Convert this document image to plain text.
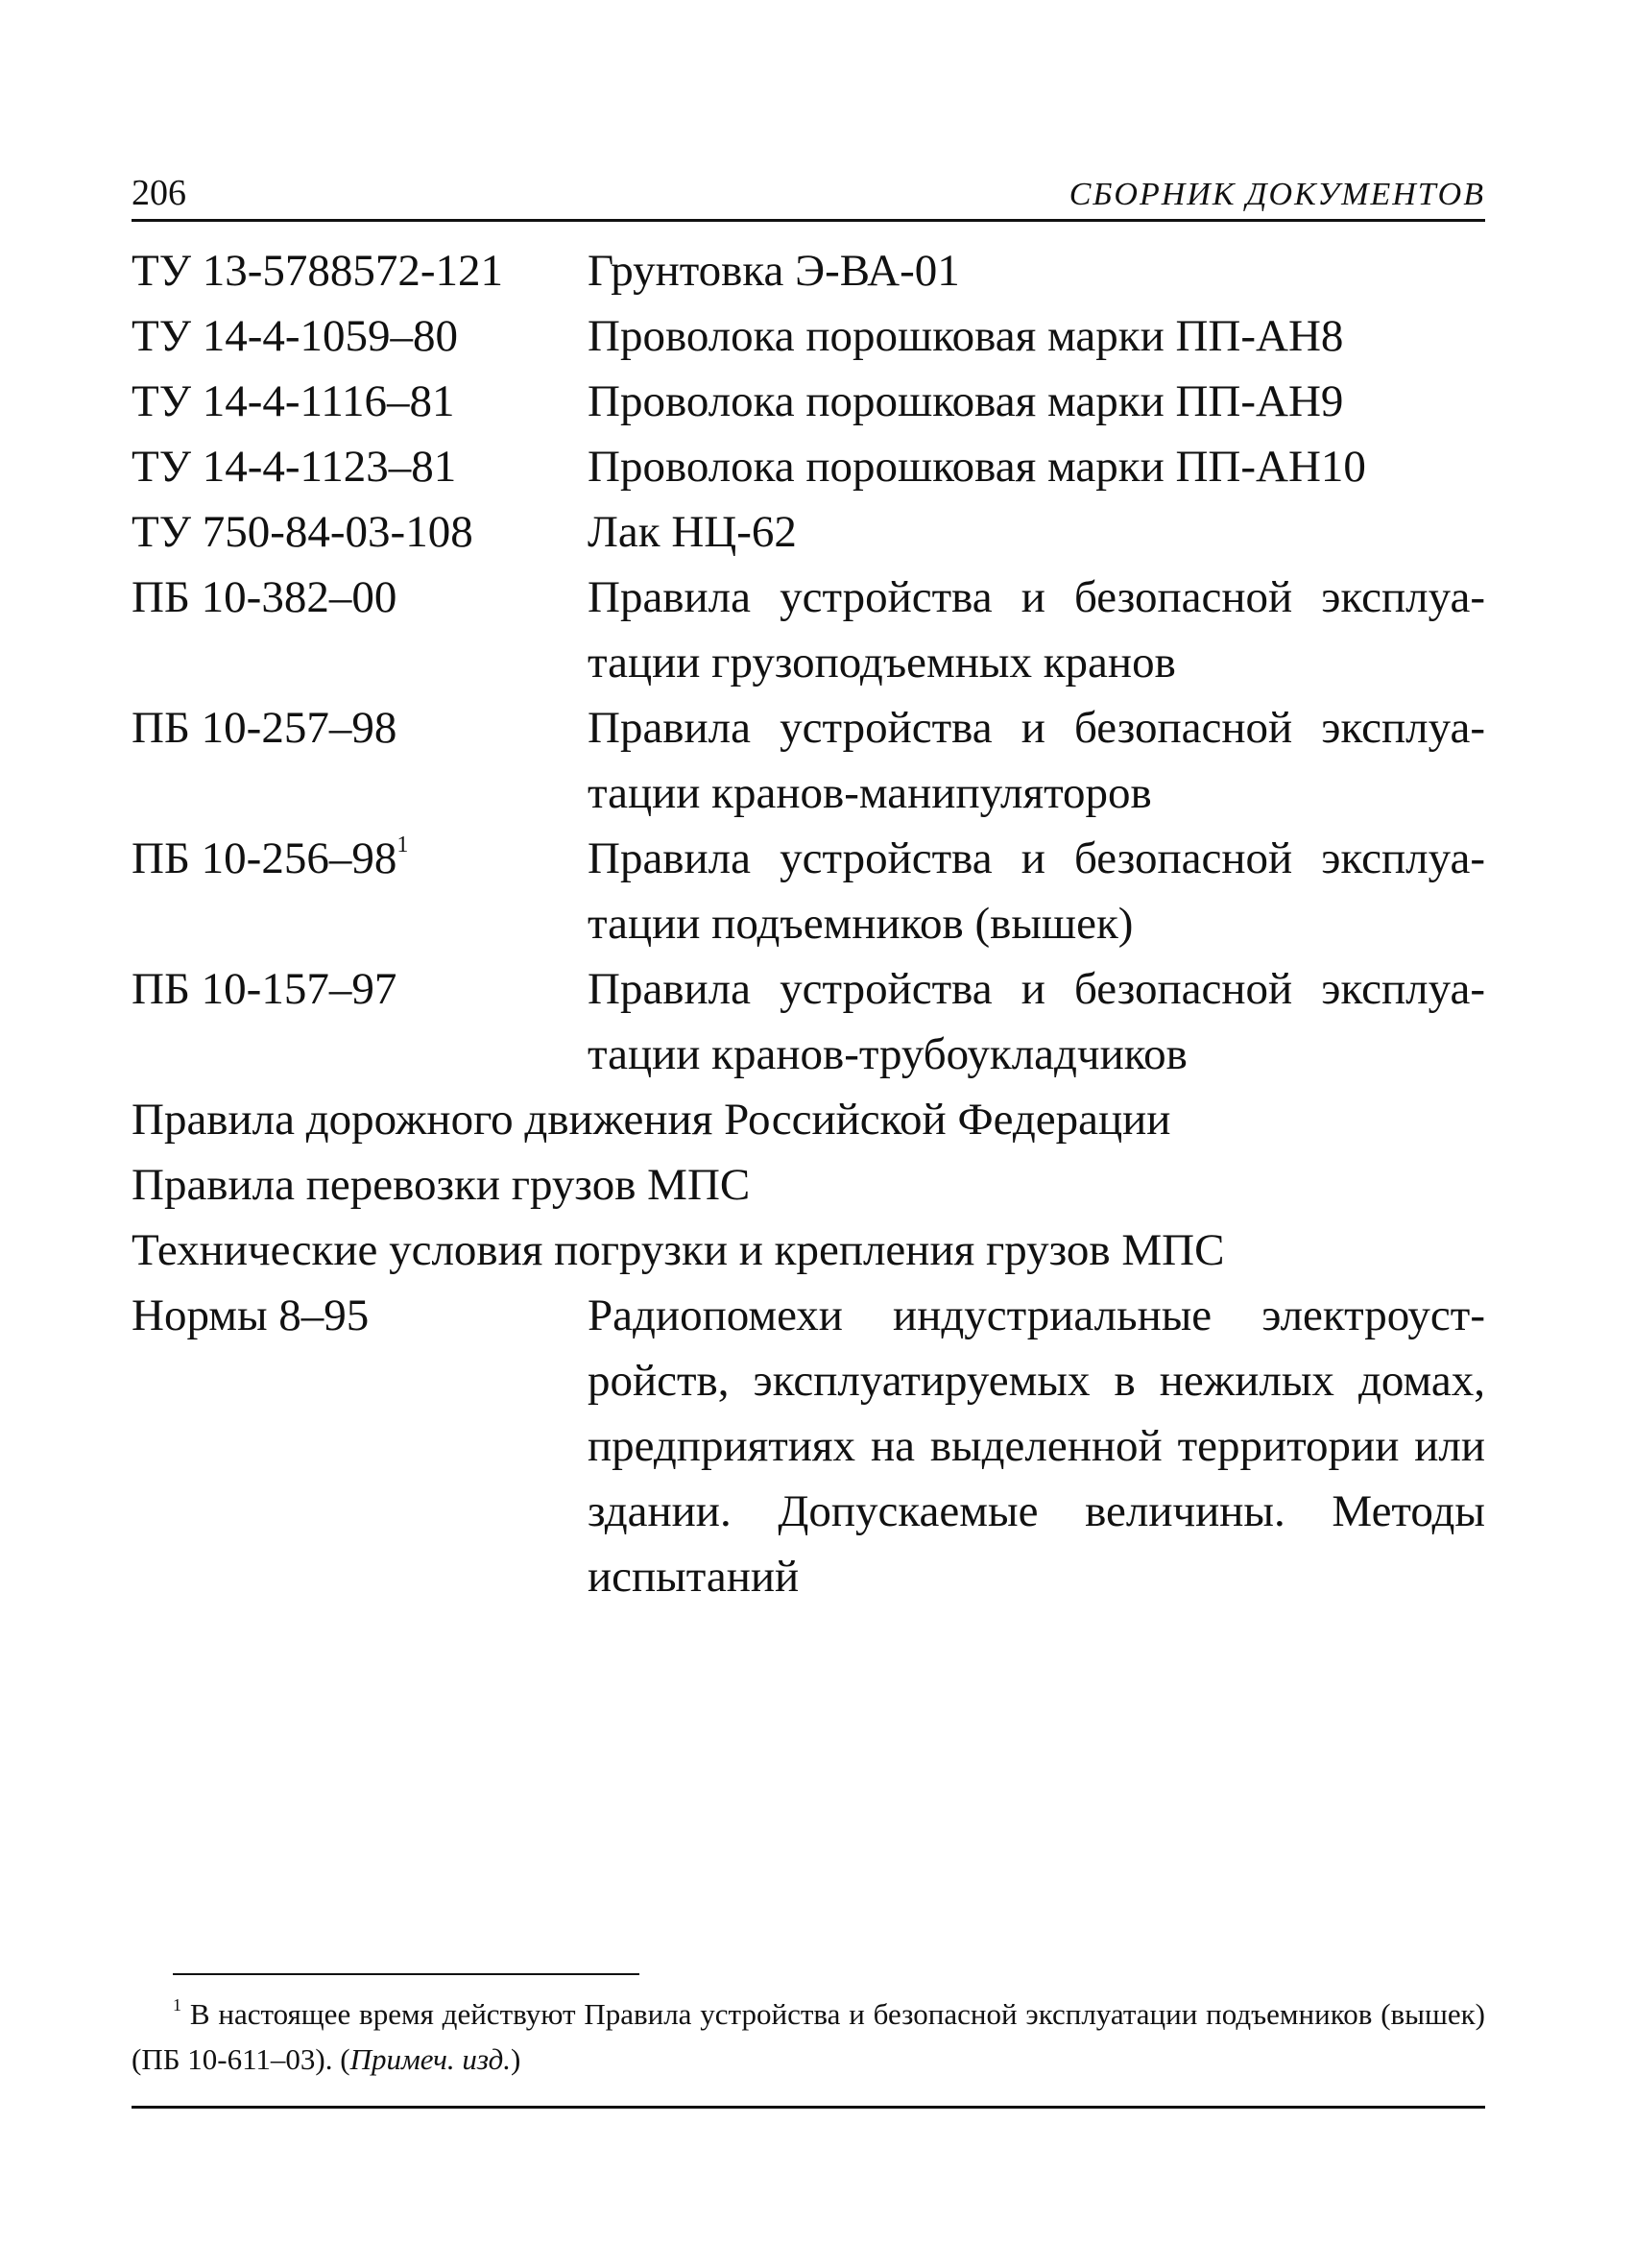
206	СБОРНИК ДОКУМЕНТОВ
ТУ 13-5788572-121	Грунтовка Э-ВА-01
ТУ 14-4-1059–80	Проволока порошковая марки ПП-АН8
ТУ 14-4-1116–81	Проволока порошковая марки ПП-АН9
ТУ 14-4-1123–81	Проволока порошковая марки ПП-АН10
ТУ 750-84-03-108	Лак НЦ-62
ПБ 10-382–00	Правила устройства и безопасной эксплуа-тации грузоподъемных кранов
ПБ 10-257–98	Правила устройства и безопасной эксплуа-тации кранов-манипуляторов
ПБ $10-256-98^1$	Правила устройства и безопасной эксплуа-тации подъемников (вышек)
ПБ 10-157–97	Правила устройства и безопасной эксплуа-тации кранов-трубоукладчиков
Правила дорожного движения Российской Федерации
Правила перевозки грузов МПС
Технические условия погрузки и крепления грузов МПС
Нормы 8–95	Радиопомехи индустриальные электроуст-ройств, эксплуатируемых в нежилых домах, предприятиях на выделенной территории или здании. Допускаемые величины. Методы испытаний
$^1$ В настоящее время действуют Правила устройства и безопасной эксплуатации подъемников (вышек) (ПБ 10-611–03). (Примеч. изд.)
